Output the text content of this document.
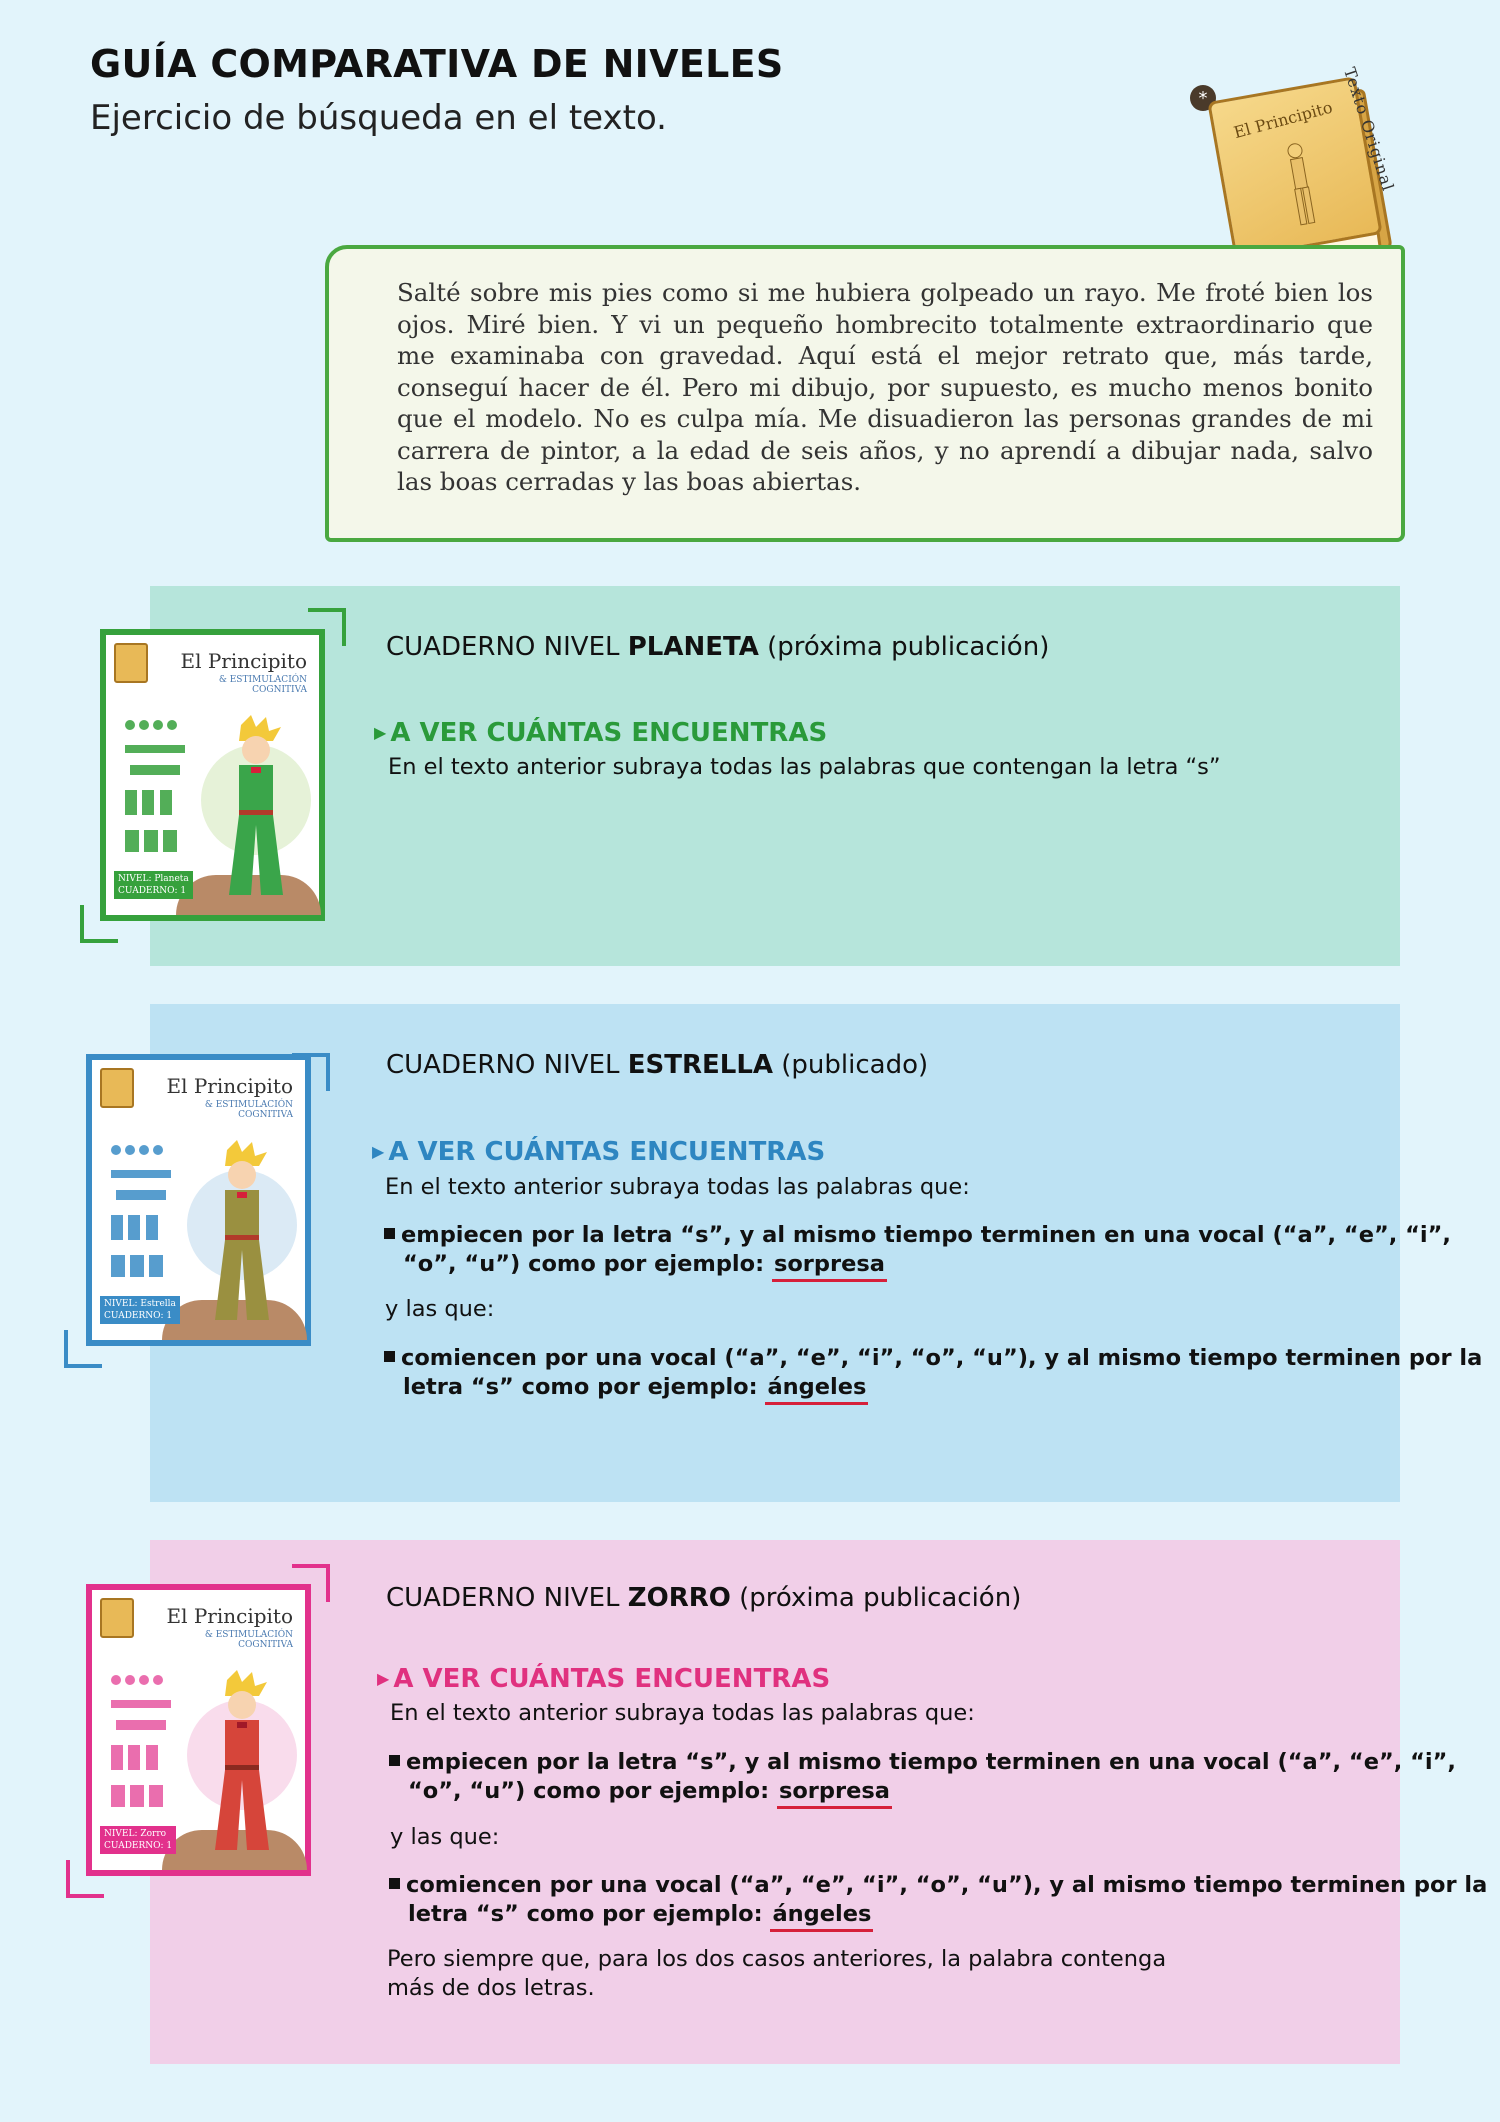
GUÍA COMPARATIVA DE NIVELES
Ejercicio de búsqueda en el texto.	*	El Principito Texto Original

Salté sobre mis pies como si me hubiera golpeado un rayo. Me froté bien los ojos. Miré bien. Y vi un pequeño hombrecito totalmente extraordinario que me examinaba con gravedad. Aquí está el mejor retrato que, más tarde, conseguí hacer de él. Pero mi dibujo, por supuesto, es mucho menos bonito que el modelo. No es culpa mía. Me disuadieron las personas grandes de mi carrera de pintor, a la edad de seis años, y no aprendí a dibujar nada, salvo las boas cerradas y las boas abiertas.

El Principito
& ESTIMULACIÓN COGNITIVA
NIVEL: Planeta
CUADERNO: 1
CUADERNO NIVEL PLANETA (próxima publicación)
▶ A VER CUÁNTAS ENCUENTRAS
En el texto anterior subraya todas las palabras que contengan la letra “s”
El Principito
& ESTIMULACIÓN COGNITIVA
NIVEL: Estrella
CUADERNO: 1
CUADERNO NIVEL ESTRELLA (publicado)
▶ A VER CUÁNTAS ENCUENTRAS
En el texto anterior subraya todas las palabras que:
empiecen por la letra “s”, y al mismo tiempo terminen en una vocal (“a”, “e”, “i”,
“o”, “u”) como por ejemplo: sorpresa
y las que:
comiencen por una vocal (“a”, “e”, “i”, “o”, “u”), y al mismo tiempo terminen por la
letra “s” como por ejemplo: ángeles
El Principito
& ESTIMULACIÓN COGNITIVA
NIVEL: Zorro
CUADERNO: 1
CUADERNO NIVEL ZORRO (próxima publicación)
▶ A VER CUÁNTAS ENCUENTRAS
En el texto anterior subraya todas las palabras que:
empiecen por la letra “s”, y al mismo tiempo terminen en una vocal (“a”, “e”, “i”,
“o”, “u”) como por ejemplo: sorpresa
y las que:
comiencen por una vocal (“a”, “e”, “i”, “o”, “u”), y al mismo tiempo terminen por la
letra “s” como por ejemplo: ángeles
Pero siempre que, para los dos casos anteriores, la palabra contenga
más de dos letras.
